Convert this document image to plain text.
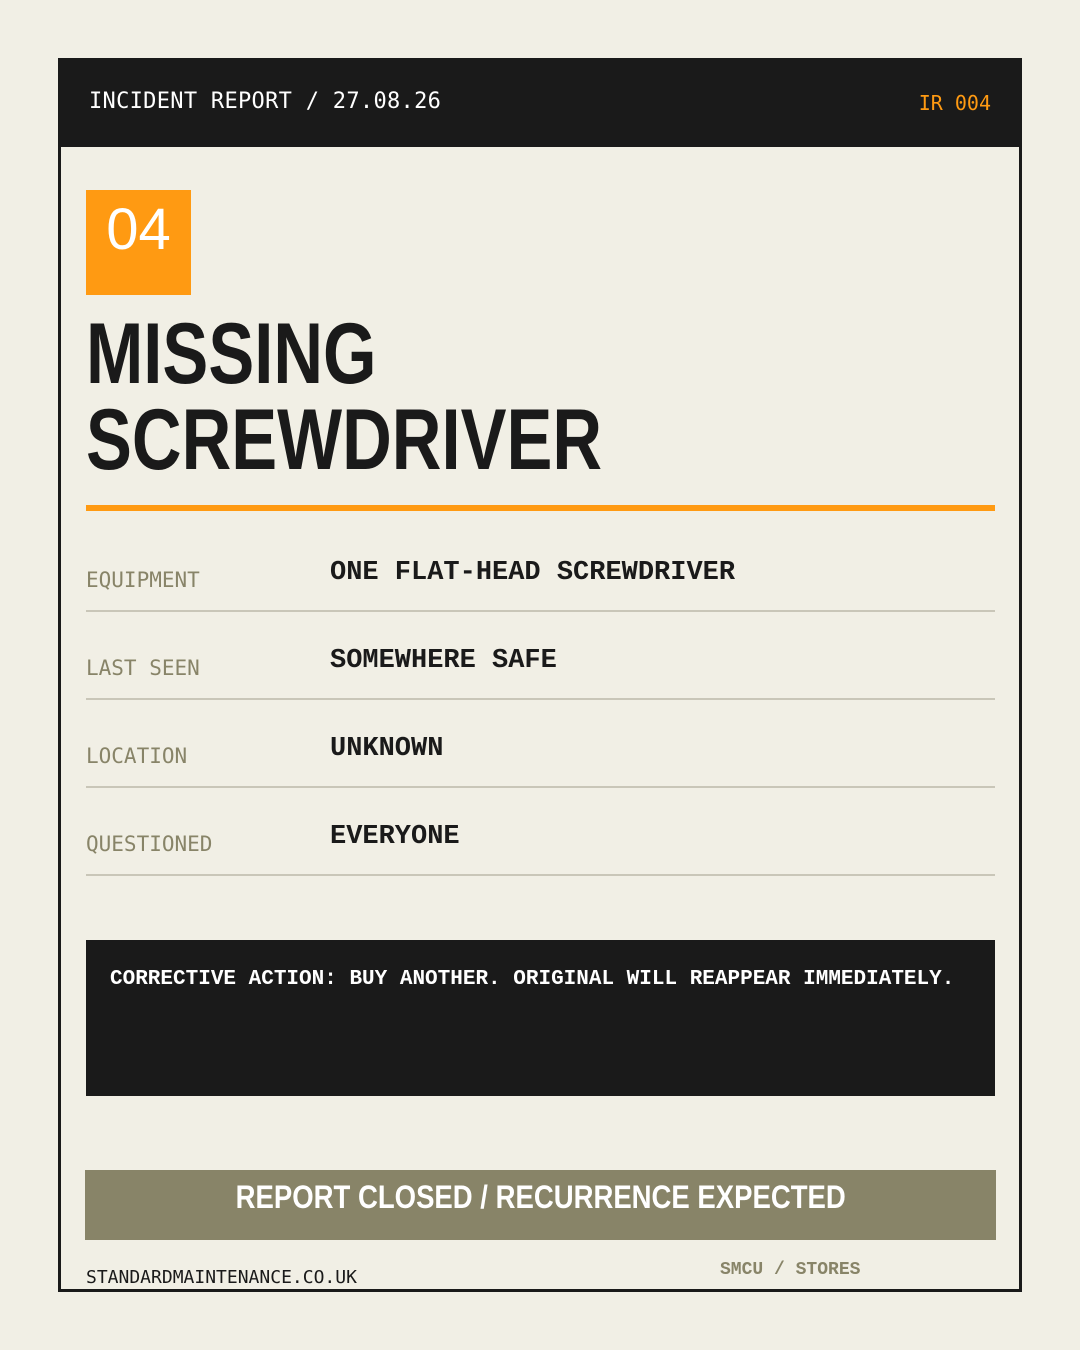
INCIDENT REPORT / 27.08.26	IR 004
04
MISSING
SCREWDRIVER
EQUIPMENT	ONE FLAT-HEAD SCREWDRIVER
LAST SEEN	SOMEWHERE SAFE
LOCATION	UNKNOWN
QUESTIONED	EVERYONE
CORRECTIVE ACTION: BUY ANOTHER. ORIGINAL WILL REAPPEAR IMMEDIATELY.
REPORT CLOSED / RECURRENCE EXPECTED
STANDARDMAINTENANCE.CO.UK	SMCU / STORES
